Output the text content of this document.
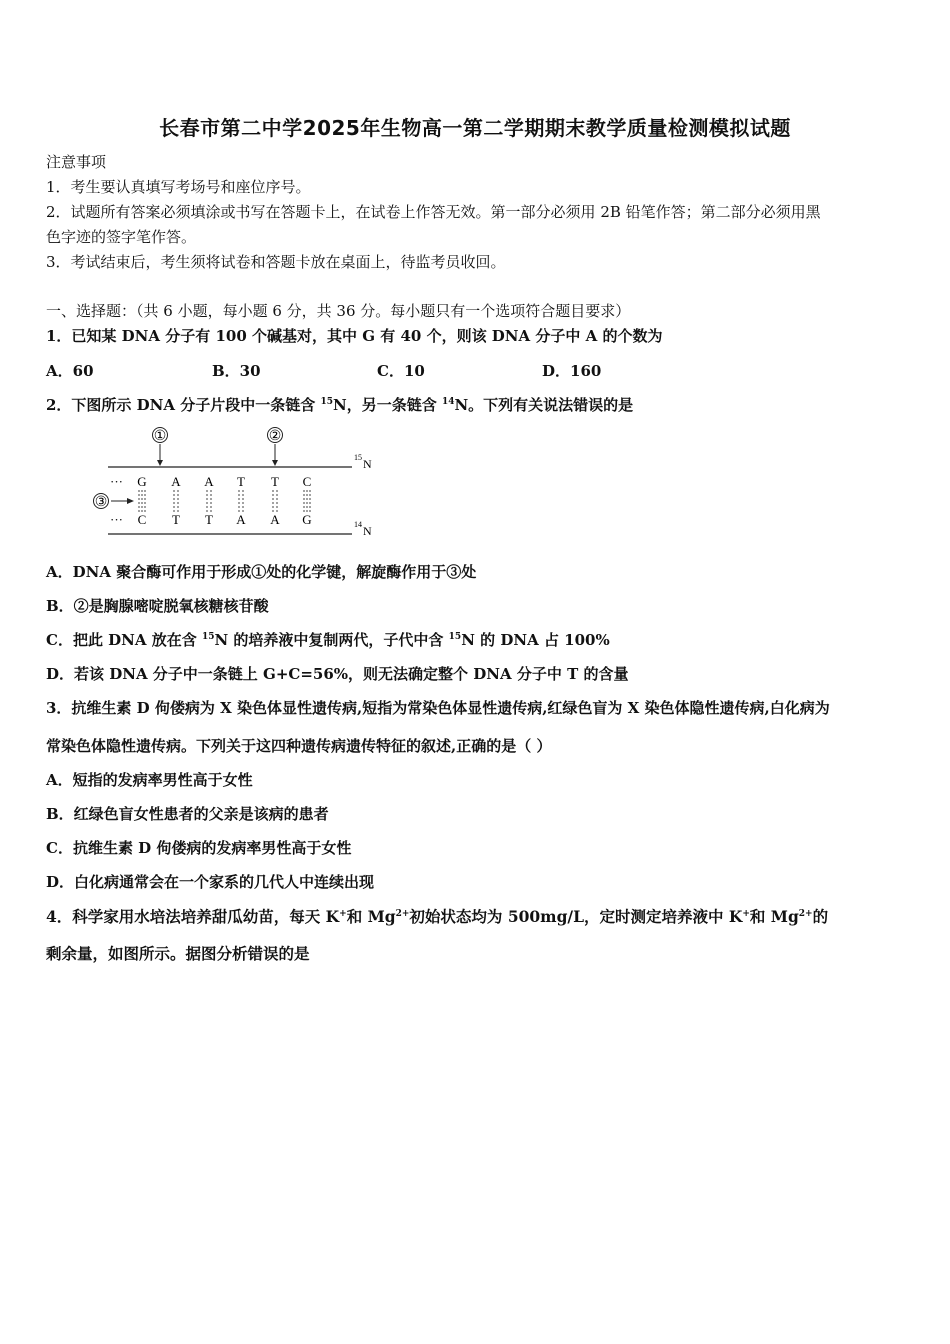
长春市第二中学2025年生物高一第二学期期末教学质量检测模拟试题
注意事项
1．考生要认真填写考场号和座位序号。
2．试题所有答案必须填涂或书写在答题卡上，在试卷上作答无效。第一部分必须用 2B 铅笔作答；第二部分必须用黑
色字迹的签字笔作答。
3．考试结束后，考生须将试卷和答题卡放在桌面上，待监考员收回。
一、选择题：（共 6 小题，每小题 6 分，共 36 分。每小题只有一个选项符合题目要求）
1．已知某 DNA 分子有 100 个碱基对，其中 G 有 40 个，则该 DNA 分子中 A 的个数为
A．60	B．30	C．10	D．160
2．下图所示 DNA 分子片段中一条链含 $^{15}$N，另一条链含 $^{14}$N。下列有关说法错误的是
①	②
③
···
···
G A A T T C
C T T A A G
15 N
14 N
A．DNA 聚合酶可作用于形成①处的化学键，解旋酶作用于③处
B．②是胸腺嘧啶脱氧核糖核苷酸
C．把此 DNA 放在含 $^{15}$N 的培养液中复制两代，子代中含 $^{15}$N 的 DNA 占 100%
D．若该 DNA 分子中一条链上 G+C=56%，则无法确定整个 DNA 分子中 T 的含量
3．抗维生素 D 佝偻病为 X 染色体显性遗传病,短指为常染色体显性遗传病,红绿色盲为 X 染色体隐性遗传病,白化病为
常染色体隐性遗传病。下列关于这四种遗传病遗传特征的叙述,正确的是（ ）
A．短指的发病率男性高于女性
B．红绿色盲女性患者的父亲是该病的患者
C．抗维生素 D 佝偻病的发病率男性高于女性
D．白化病通常会在一个家系的几代人中连续出现
4．科学家用水培法培养甜瓜幼苗，每天 K+和 $Mg^{2+}$初始状态均为 500mg/L，定时测定培养液中 K+和 $Mg^{2+}$的
剩余量，如图所示。据图分析错误的是
